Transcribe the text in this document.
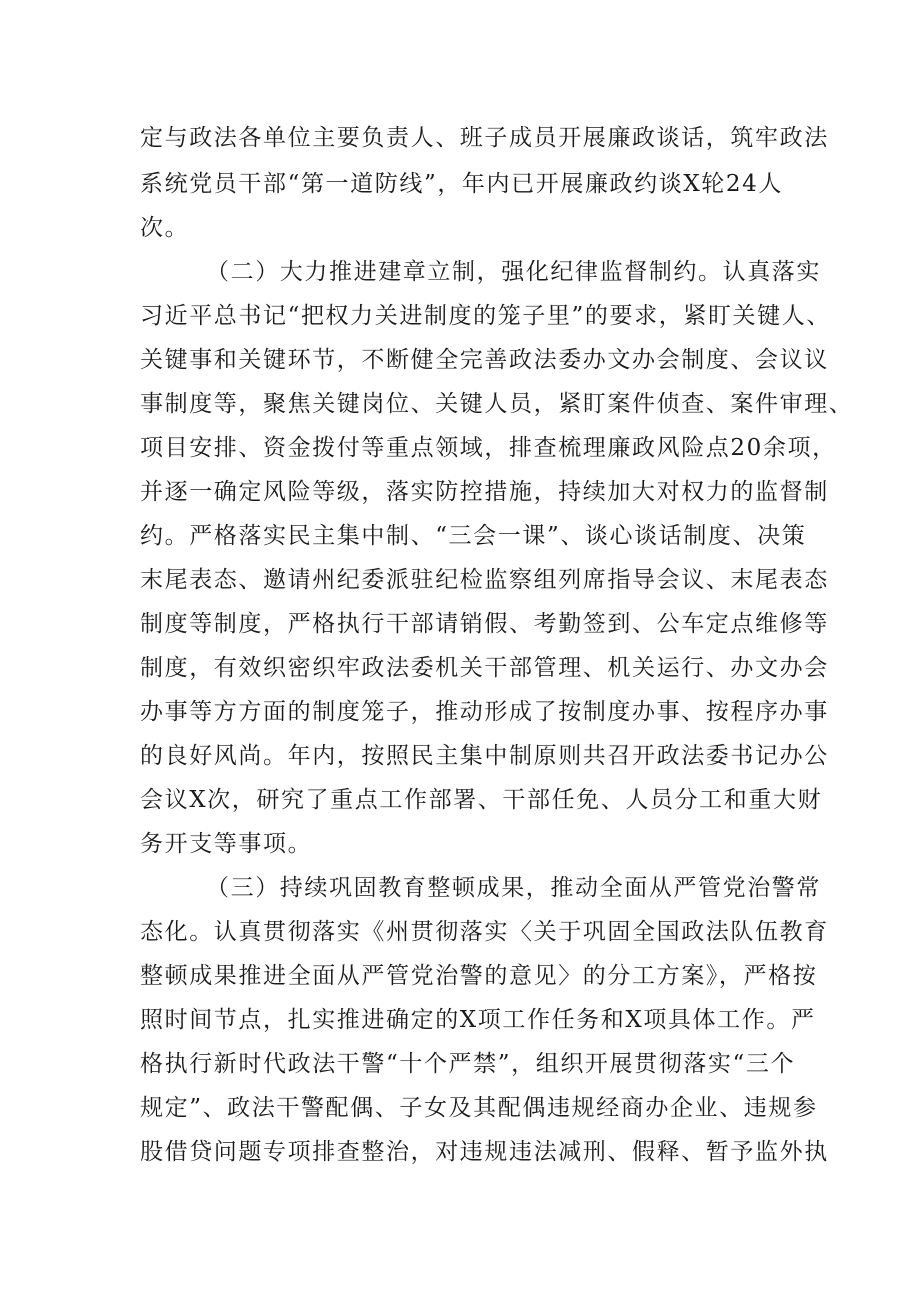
定与政法各单位主要负责人、班子成员开展廉政谈话，筑牢政法
系统党员干部“第一道防线”，年内已开展廉政约谈X轮24人
次。
（二）大力推进建章立制，强化纪律监督制约。认真落实
习近平总书记“把权力关进制度的笼子里”的要求，紧盯关键人、
关键事和关键环节，不断健全完善政法委办文办会制度、会议议
事制度等，聚焦关键岗位、关键人员，紧盯案件侦查、案件审理、
项目安排、资金拨付等重点领域，排查梳理廉政风险点20余项，
并逐一确定风险等级，落实防控措施，持续加大对权力的监督制
约。严格落实民主集中制、“三会一课”、谈心谈话制度、决策
末尾表态、邀请州纪委派驻纪检监察组列席指导会议、末尾表态
制度等制度，严格执行干部请销假、考勤签到、公车定点维修等
制度，有效织密织牢政法委机关干部管理、机关运行、办文办会
办事等方方面的制度笼子，推动形成了按制度办事、按程序办事
的良好风尚。年内，按照民主集中制原则共召开政法委书记办公
会议X次，研究了重点工作部署、干部任免、人员分工和重大财
务开支等事项。
（三）持续巩固教育整顿成果，推动全面从严管党治警常
态化。认真贯彻落实《州贯彻落实〈关于巩固全国政法队伍教育
整顿成果推进全面从严管党治警的意见〉的分工方案》，严格按
照时间节点，扎实推进确定的X项工作任务和X项具体工作。严
格执行新时代政法干警“十个严禁”，组织开展贯彻落实“三个
规定”、政法干警配偶、子女及其配偶违规经商办企业、违规参
股借贷问题专项排查整治，对违规违法减刑、假释、暂予监外执
